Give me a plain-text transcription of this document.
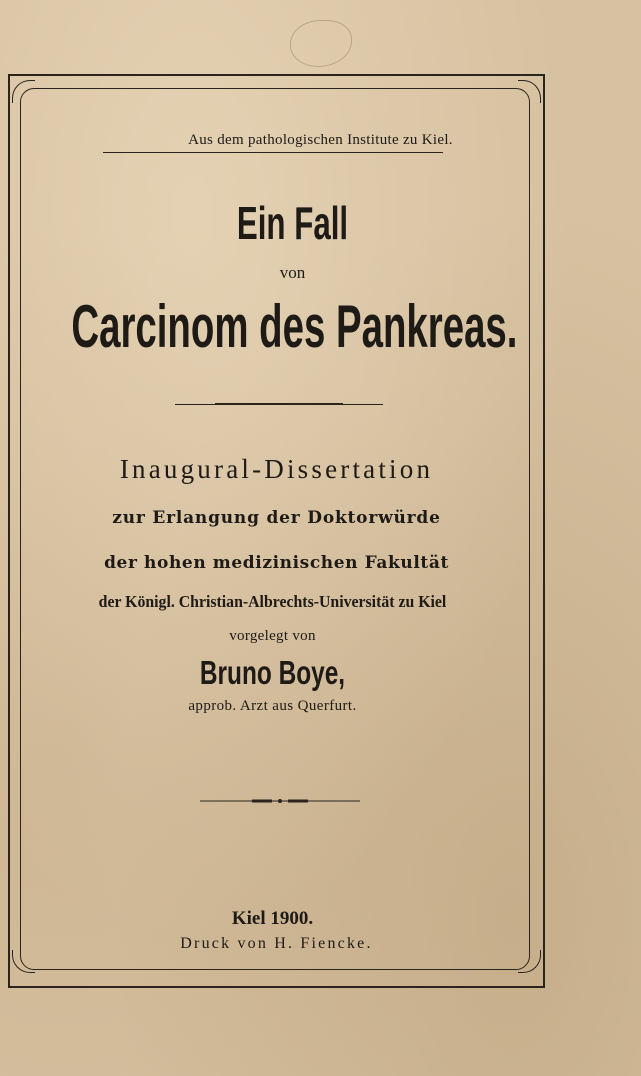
Aus dem pathologischen Institute zu Kiel.
Ein Fall
von
Carcinom des Pankreas.
Inaugural-Dissertation
zur Erlangung der Doktorwürde
der hohen medizinischen Fakultät
der Königl. Christian-Albrechts-Universität zu Kiel
vorgelegt von
Bruno Boye,
approb. Arzt aus Querfurt.
Kiel 1900.
Druck von H. Fiencke.
